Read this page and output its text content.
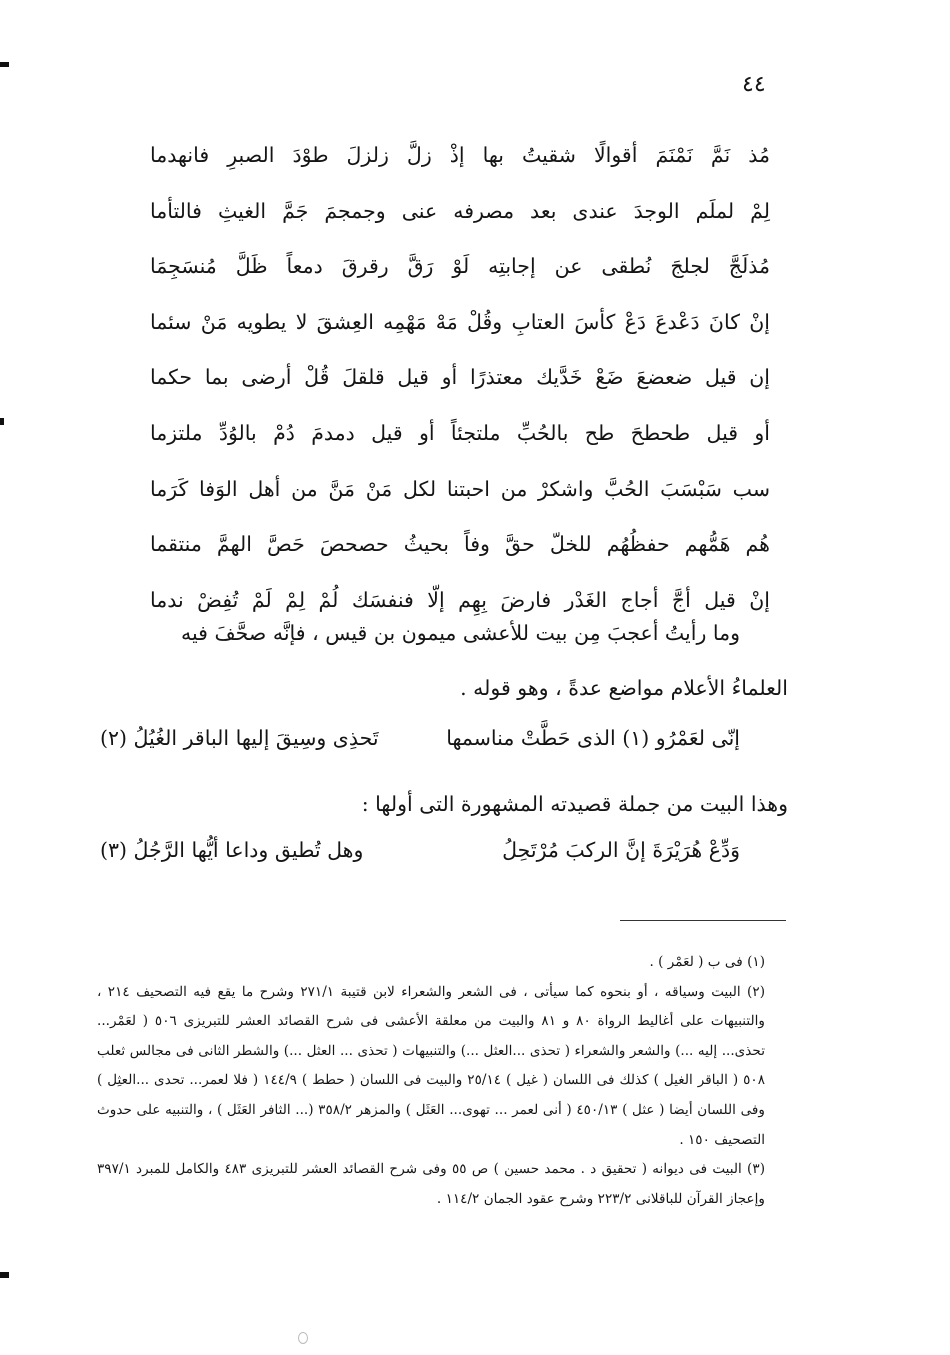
٤٤
مُذ نَمَّ نَمْنَمَ أقوالًا شقيتُ بها إذْ زلَّ زلزلَ طوْدَ الصبرِ فانهدما
لِمْ لملَم الوجدَ عندى بعد مصرفه عنى وجمجمَ جَمَّ الغيثِ فالتأما
مُذلَجَّ لجلجَ نُطقى عن إجابتِه لَوْ رَقَّ رقرقَ دمعاً ظَلَّ مُنسَجِمَا
إنْ كانَ دَعْدعَ دَعْ كأسَ العتابِ وقُلْ مَهْ مَهْمِه العِشقَ لا يطويه مَنْ سئما
إن قيل ضعضعَ ضَعْ خَدَّيك معتذرًا أو قيل قلقلَ قُلْ أرضى بما حكما
أو قيل طحطحَ طح بالحُبِّ ملتجئاً أو قيل دمدمَ دُمْ بالوُدِّ ملتزما
سب سَبْسَبَ الحُبَّ واشكرْ من احبتنا لكل مَنْ مَنَّ من أهل الوَفا كَرَما
هُم هَمُّهم حفظُهُم للخلّ حقَّ وفاً بحيثُ حصحصَ حَصَّ الهمَّ منتقما
إنْ قيل أجَّ أجاج الغَدْر فارضَ بِهِم إلّا فنفسَك لُمْ لِمْ لَمْ تُفِضْ ندما

وما رأيتُ أعجبَ مِن بيت للأعشى ميمون بن قيس ، فإنَّه صحَّفَ فيه

العلماءُ الأعلام مواضع عدةً ، وهو قوله .

إنّى لعَمْرُو (١) الذى حَطَّتْ مناسمها
تَحذِى وسِيقَ إليها الباقر الغُيُلُ (٢)
وهذا البيت من جملة قصيدته المشهورة التى أولها :
وَدِّعْ هُرَيْرَةَ إنَّ الركبَ مُرْتَحِلُ
وهل تُطيق وداعا أيُّها الرَّجُلُ (٣)

(١) فى ب ( لعَمْر ) .

(٢) البيت وسياقه ، أو بنحوه كما سيأتى ، فى الشعر والشعراء لابن قتيبة ٢٧١/١ وشرح ما يقع فيه التصحيف ٢١٤ ، والتنبيهات على أغاليط الرواة ٨٠ و ٨١ والبيت من معلقة الأعشى فى شرح القصائد العشر للتبريزى ٥٠٦ ( لعَمْر... تحذى... إليه ...) والشعر والشعراء ( تحذى ...العثل ...) والتنبيهات ( تحذى ... العثل ...) والشطر الثانى فى مجالس ثعلب ٥٠٨ ( الباقر الغيل ) كذلك فى اللسان ( غيل ) ٢٥/١٤ والبيت فى اللسان ( حطط ) ١٤٤/٩ ( فلا لعمر... تحدى ...العثِل ) وفى اللسان أيضا ( عثل ) ٤٥٠/١٣ ( أنى لعمر ... تهوى... العَثَل ) والمزهر ٣٥٨/٢ (... الثافر العَثَل ) ، والتنبيه على حدوث التصحيف ١٥٠ .

(٣) البيت فى ديوانه ( تحقيق د . محمد حسين ) ص ٥٥ وفى شرح القصائد العشر للتبريزى ٤٨٣ والكامل للمبرد ٣٩٧/١ وإعجاز القرآن للباقلانى ٢٢٣/٢ وشرح عقود الجمان ١١٤/٢ .
